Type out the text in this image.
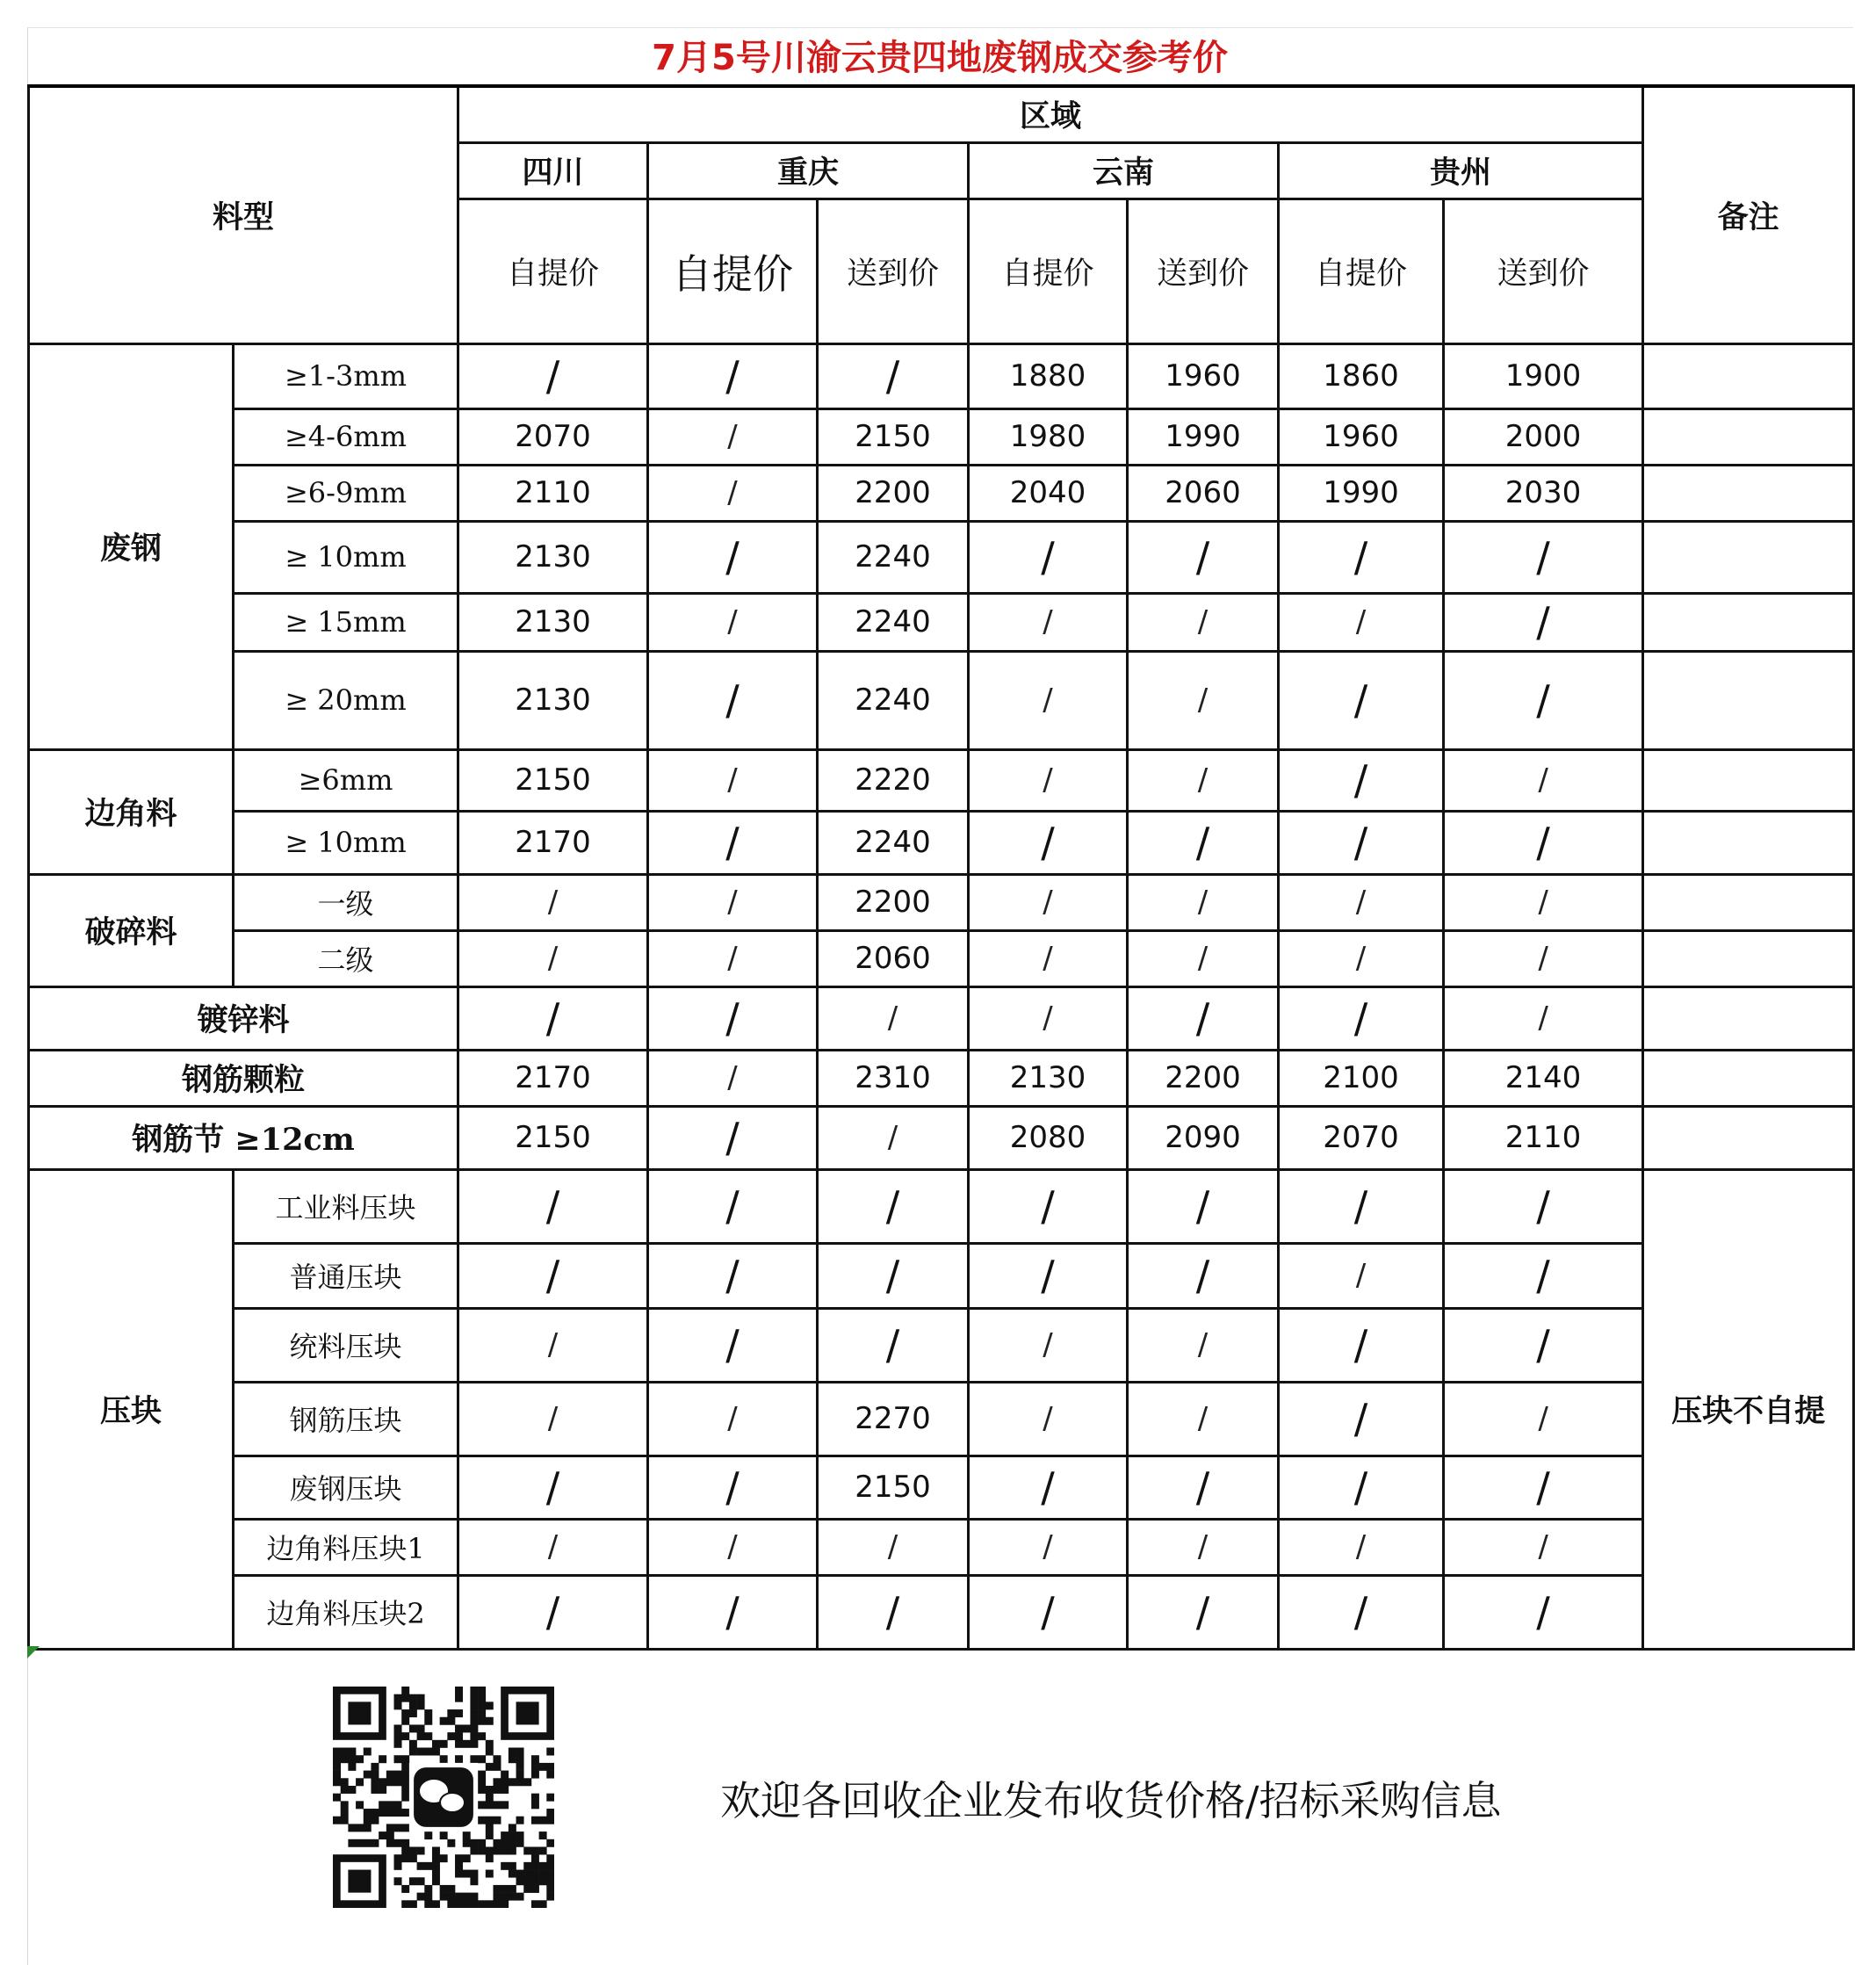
7月5号川渝云贵四地废钢成交参考价
料型		区域							备注
		四川	重庆		云南		贵州		
		自提价	自提价	送到价	自提价	送到价	自提价	送到价	
废钢	≥1-3mm	/	/	/	1880	1960	1860	1900	
	≥4-6mm	2070	/	2150	1980	1990	1960	2000	
	≥6-9mm	2110	/	2200	2040	2060	1990	2030	
	≥ 10mm	2130	/	2240	/	/	/	/	
	≥ 15mm	2130	/	2240	/	/	/	/	
	≥ 20mm	2130	/	2240	/	/	/	/	
边角料	≥6mm	2150	/	2220	/	/	/	/	
	≥ 10mm	2170	/	2240	/	/	/	/	
破碎料	一级	/	/	2200	/	/	/	/	
	二级	/	/	2060	/	/	/	/	
镀锌料		/	/	/	/	/	/	/	
钢筋颗粒		2170	/	2310	2130	2200	2100	2140	
钢筋节 ≥12cm		2150	/	/	2080	2090	2070	2110	
压块	工业料压块	/	/	/	/	/	/	/	压块不自提
	普通压块	/	/	/	/	/	/	/	
	统料压块	/	/	/	/	/	/	/	
	钢筋压块	/	/	2270	/	/	/	/	
	废钢压块	/	/	2150	/	/	/	/	
	边角料压块1	/	/	/	/	/	/	/	
	边角料压块2	/	/	/	/	/	/	/	
欢迎各回收企业发布收货价格/招标采购信息
